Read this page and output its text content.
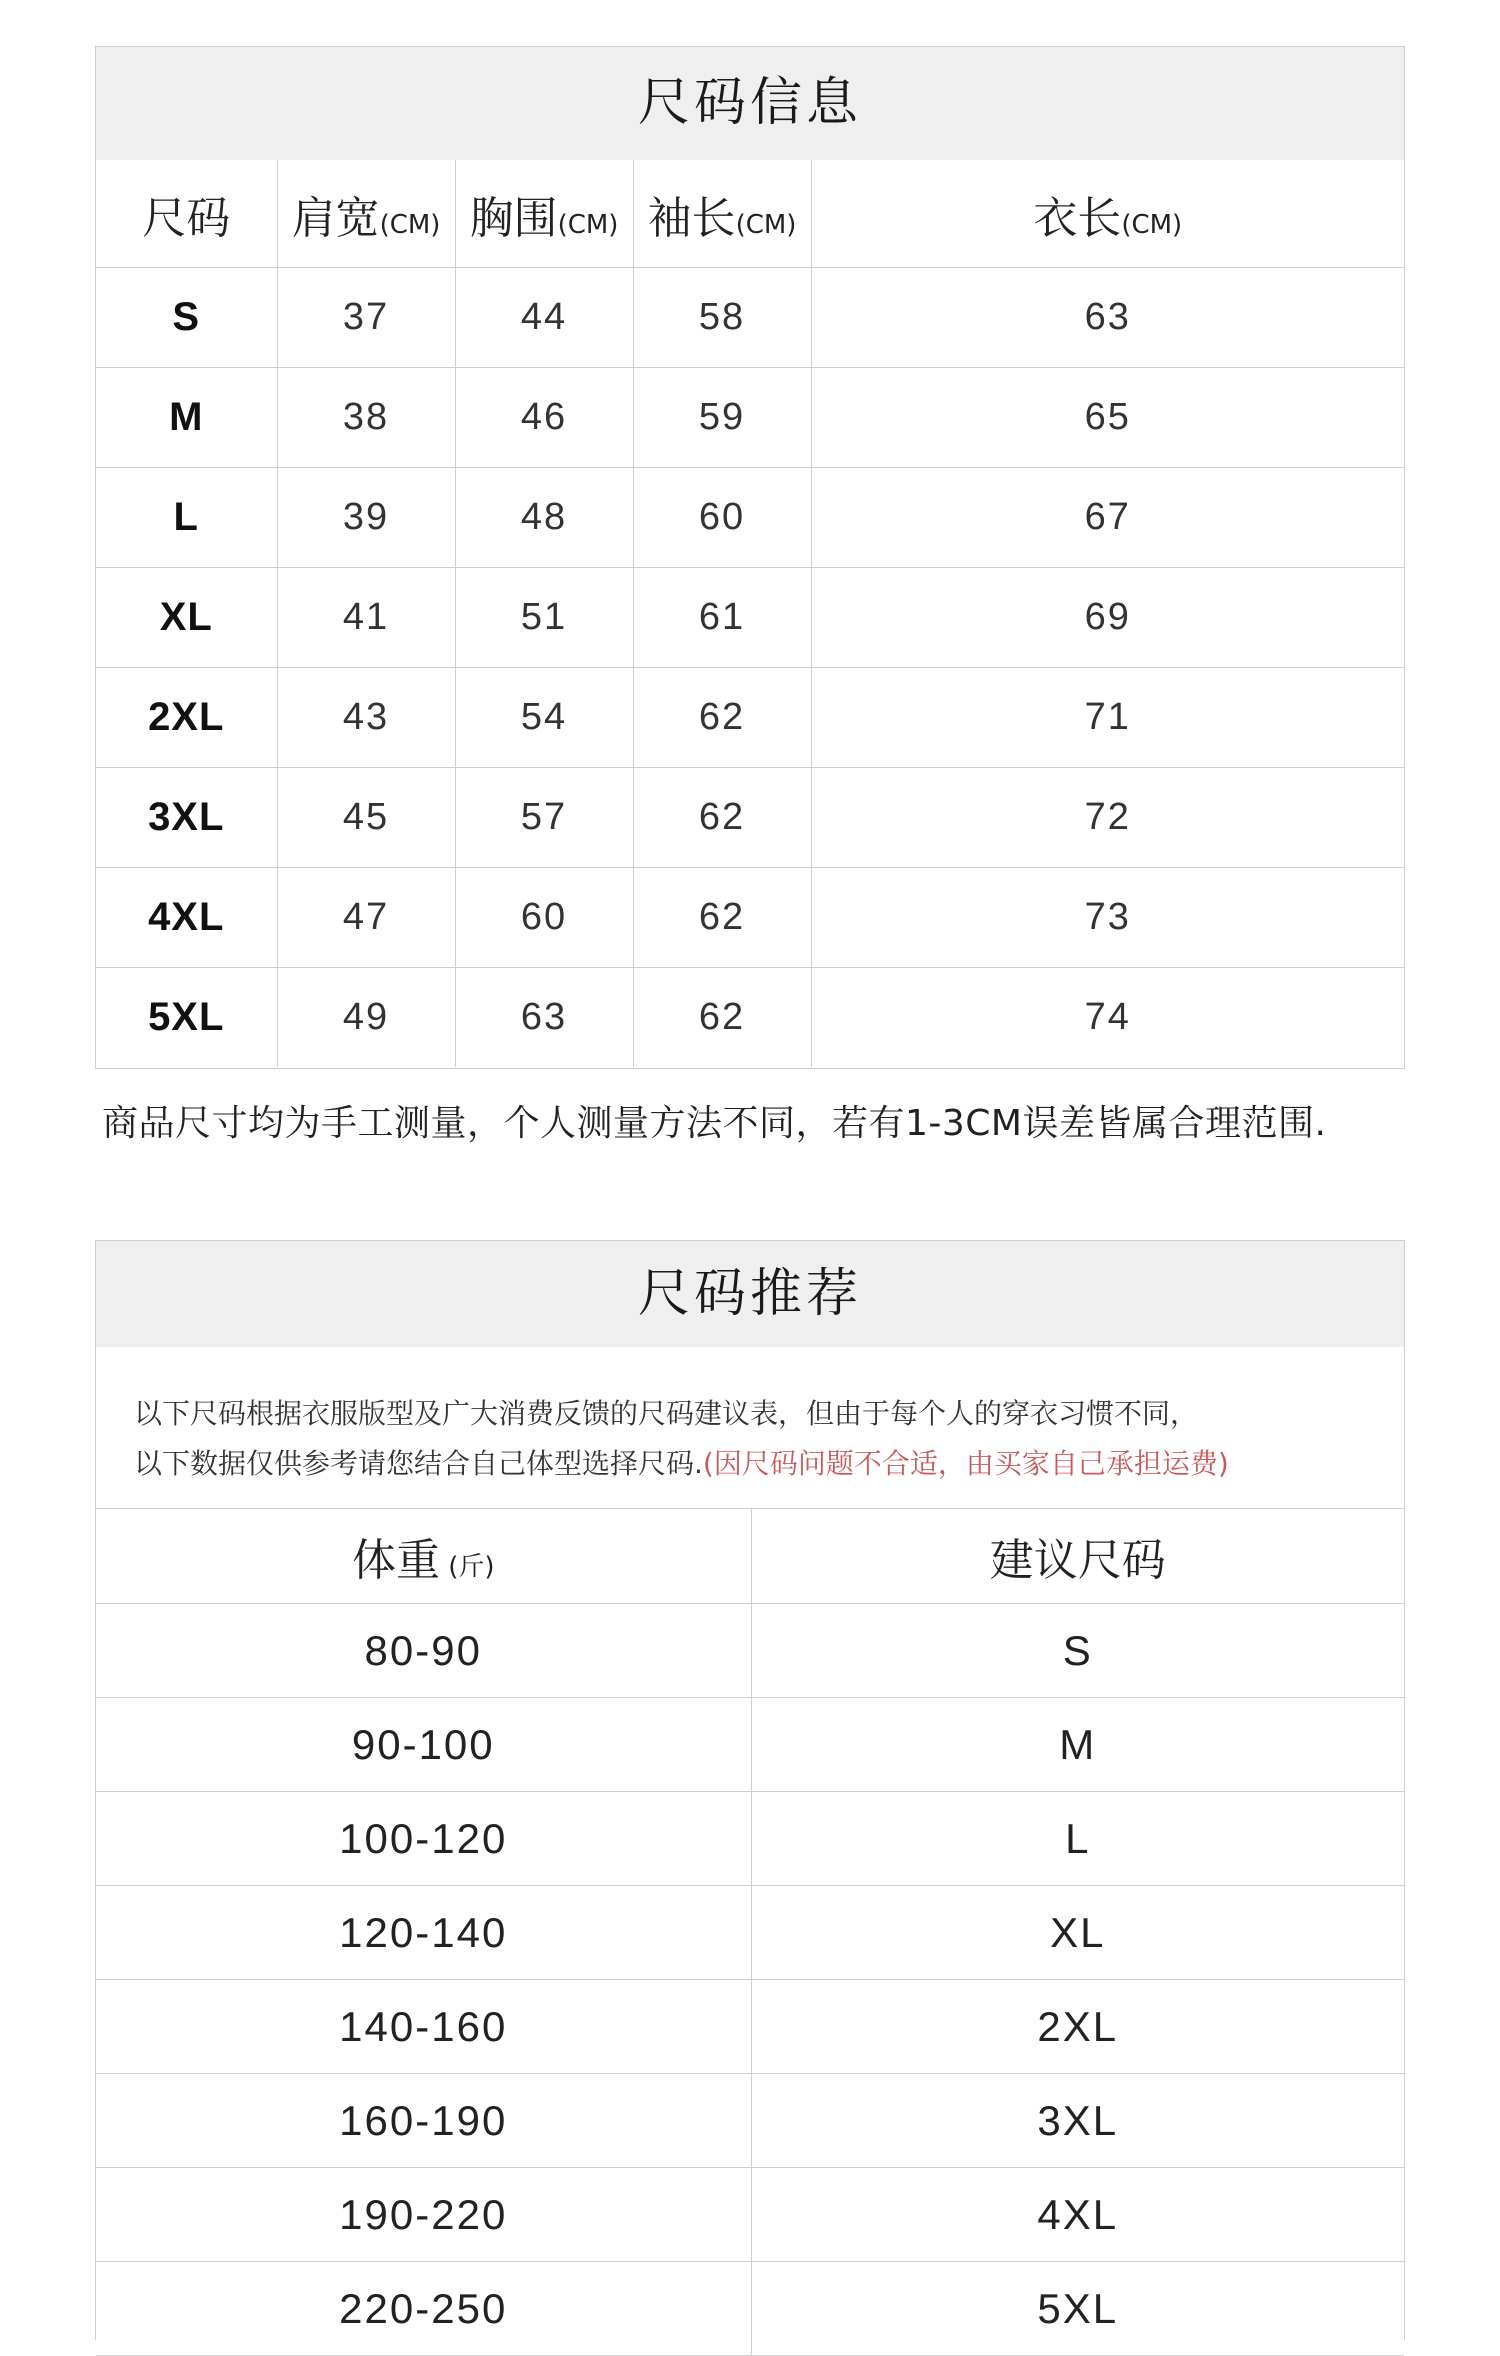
尺码信息
尺码	肩宽(CM)	胸围(CM)	袖长(CM)	衣长(CM)
S	37	44	58	63
M	38	46	59	65
L	39	48	60	67
XL	41	51	61	69
2XL	43	54	62	71
3XL	45	57	62	72
4XL	47	60	62	73
5XL	49	63	62	74
商品尺寸均为手工测量，个人测量方法不同，若有1-3CM误差皆属合理范围.
尺码推荐
以下尺码根据衣服版型及广大消费反馈的尺码建议表，但由于每个人的穿衣习惯不同，
以下数据仅供参考请您结合自己体型选择尺码.(因尺码问题不合适，由买家自己承担运费)
体重 (斤)	建议尺码
80-90	S
90-100	M
100-120	L
120-140	XL
140-160	2XL
160-190	3XL
190-220	4XL
220-250	5XL
